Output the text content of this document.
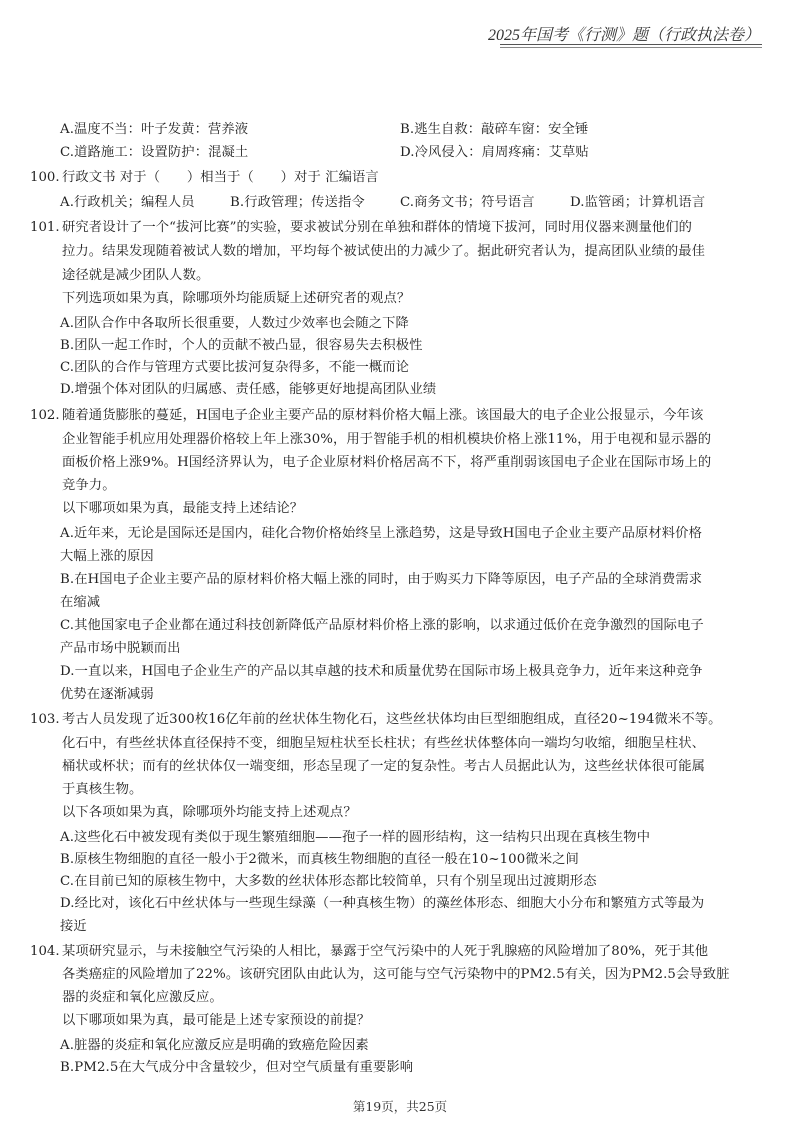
2025年国考《行测》题（行政执法卷）
A.温度不当：叶子发黄：营养液	B.逃生自救：敲碎车窗：安全锤
C.道路施工：设置防护：混凝土	D.冷风侵入：肩周疼痛：艾草贴
100. 行政文书 对于（　　）相当于（　　）对于 汇编语言
A.行政机关；编程人员	B.行政管理；传送指令	C.商务文书；符号语言	D.监管函；计算机语言
101. 研究者设计了一个“拔河比赛”的实验，要求被试分别在单独和群体的情境下拔河，同时用仪器来测量他们的
拉力。结果发现随着被试人数的增加，平均每个被试使出的力减少了。据此研究者认为，提高团队业绩的最佳
途径就是减少团队人数。
下列选项如果为真，除哪项外均能质疑上述研究者的观点？
A.团队合作中各取所长很重要，人数过少效率也会随之下降
B.团队一起工作时，个人的贡献不被凸显，很容易失去积极性
C.团队的合作与管理方式要比拔河复杂得多，不能一概而论
D.增强个体对团队的归属感、责任感，能够更好地提高团队业绩
102. 随着通货膨胀的蔓延，H国电子企业主要产品的原材料价格大幅上涨。该国最大的电子企业公报显示，今年该
企业智能手机应用处理器价格较上年上涨30%，用于智能手机的相机模块价格上涨11%，用于电视和显示器的
面板价格上涨9%。H国经济界认为，电子企业原材料价格居高不下，将严重削弱该国电子企业在国际市场上的
竞争力。
以下哪项如果为真，最能支持上述结论？
A.近年来，无论是国际还是国内，硅化合物价格始终呈上涨趋势，这是导致H国电子企业主要产品原材料价格
大幅上涨的原因
B.在H国电子企业主要产品的原材料价格大幅上涨的同时，由于购买力下降等原因，电子产品的全球消费需求
在缩减
C.其他国家电子企业都在通过科技创新降低产品原材料价格上涨的影响，以求通过低价在竞争激烈的国际电子
产品市场中脱颖而出
D.一直以来，H国电子企业生产的产品以其卓越的技术和质量优势在国际市场上极具竞争力，近年来这种竞争
优势在逐渐减弱
103. 考古人员发现了近300枚16亿年前的丝状体生物化石，这些丝状体均由巨型细胞组成，直径20~194微米不等。
化石中，有些丝状体直径保持不变，细胞呈短柱状至长柱状；有些丝状体整体向一端均匀收缩，细胞呈柱状、
桶状或杯状；而有的丝状体仅一端变细，形态呈现了一定的复杂性。考古人员据此认为，这些丝状体很可能属
于真核生物。
以下各项如果为真，除哪项外均能支持上述观点？
A.这些化石中被发现有类似于现生繁殖细胞——孢子一样的圆形结构，这一结构只出现在真核生物中
B.原核生物细胞的直径一般小于2微米，而真核生物细胞的直径一般在10~100微米之间
C.在目前已知的原核生物中，大多数的丝状体形态都比较简单，只有个别呈现出过渡期形态
D.经比对，该化石中丝状体与一些现生绿藻（一种真核生物）的藻丝体形态、细胞大小分布和繁殖方式等最为
接近
104. 某项研究显示，与未接触空气污染的人相比，暴露于空气污染中的人死于乳腺癌的风险增加了80%，死于其他
各类癌症的风险增加了22%。该研究团队由此认为，这可能与空气污染物中的PM2.5有关，因为PM2.5会导致脏
器的炎症和氧化应激反应。
以下哪项如果为真，最可能是上述专家预设的前提？
A.脏器的炎症和氧化应激反应是明确的致癌危险因素
B.PM2.5在大气成分中含量较少，但对空气质量有重要影响
第19页，共25页
